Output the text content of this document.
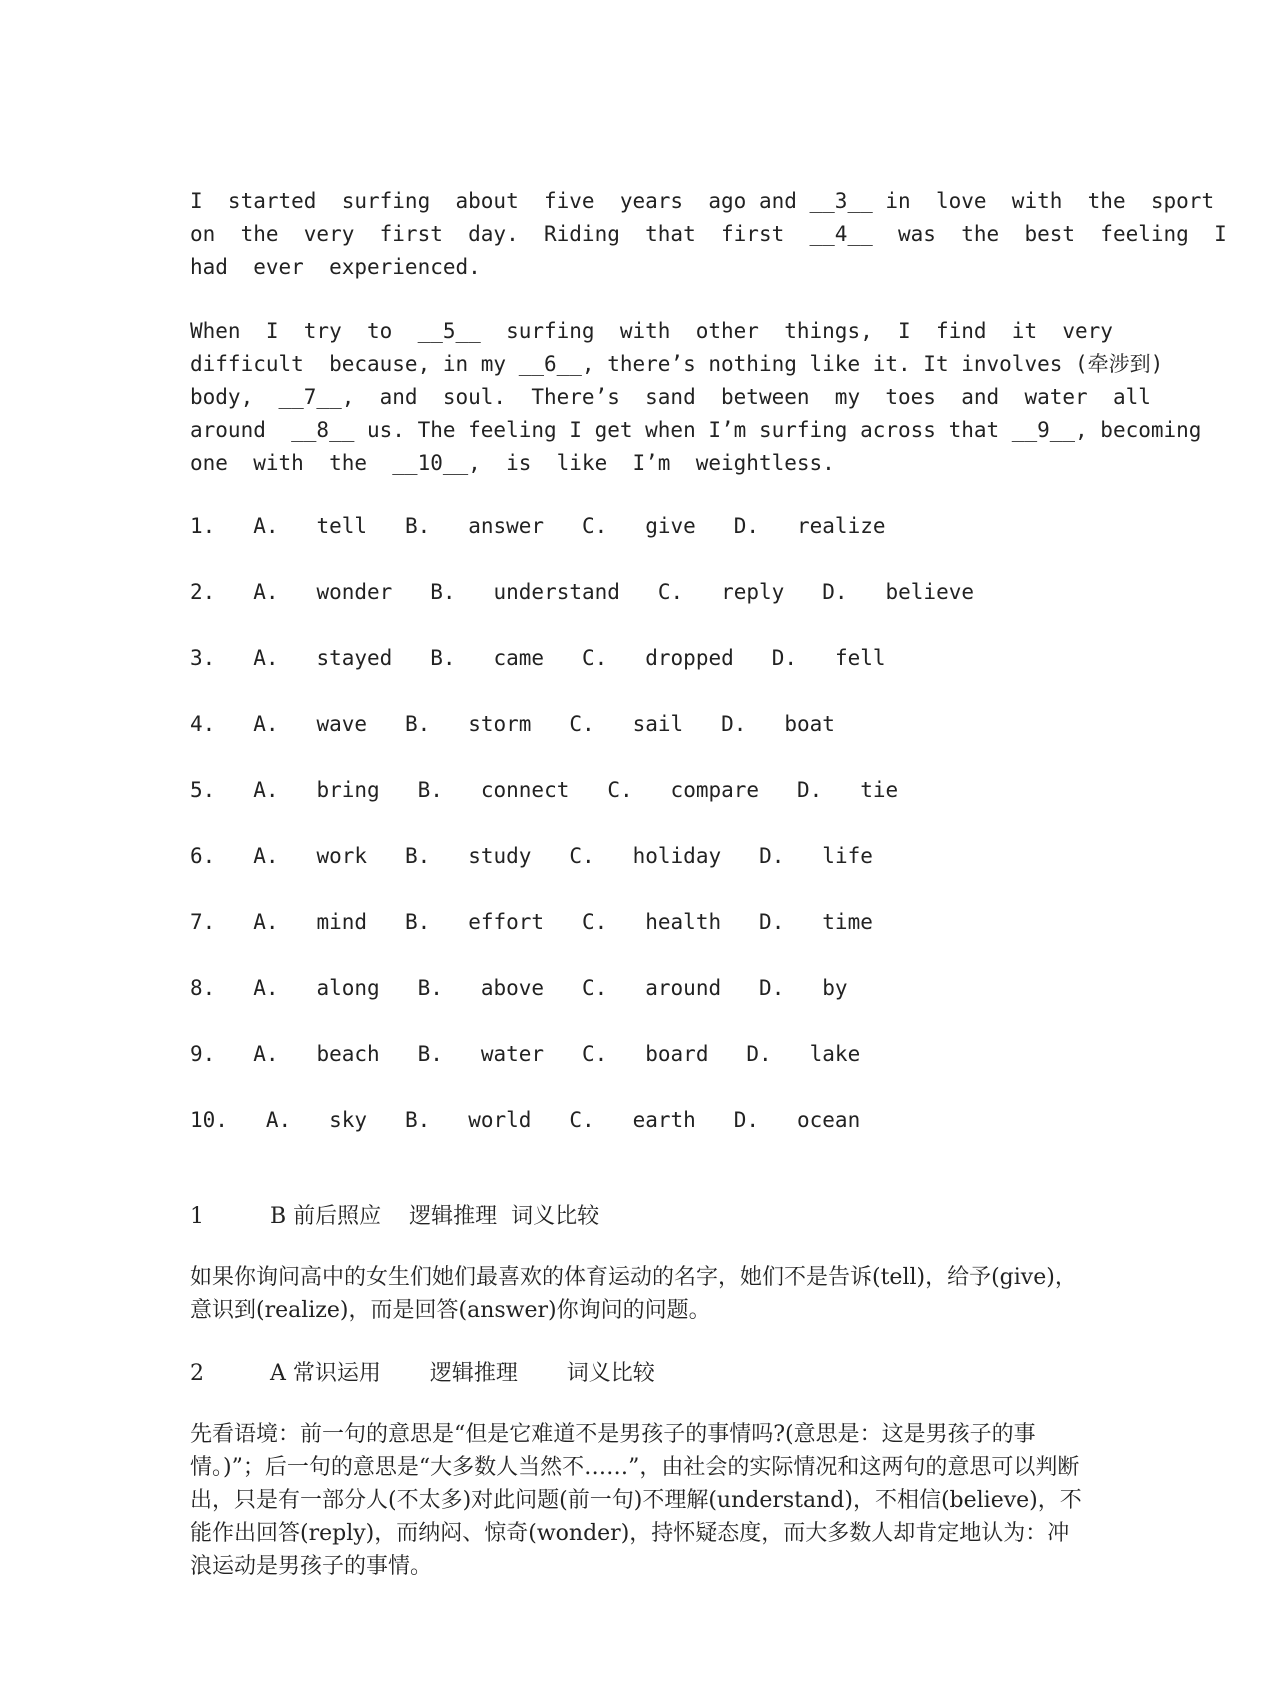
I  started  surfing  about  five  years  ago and __3__ in  love  with  the  sport  on  the  very  first  day.  Riding  that  first  __4__  was  the  best  feeling  I  had  ever  experienced.

When  I  try  to  __5__  surfing  with  other  things,  I  find  it  very  difficult  because, in my __6__, there’s nothing like it. It involves (牵涉到) body,  __7__,  and  soul.  There’s  sand  between  my  toes  and  water  all  around  __8__ us. The feeling I get when I’m surfing across that __9__, becoming  one  with  the  __10__,  is  like  I’m  weightless.

1. A. tell B. answer C. give D. realize
2. A. wonder B. understand C. reply D. believe
3. A. stayed B. came C. dropped D. fell
4. A. wave B. storm C. sail D. boat
5. A. bring B. connect C. compare D. tie
6. A. work B. study C. holiday D. life
7. A. mind B. effort C. health D. time
8. A. along B. above C. around D. by
9. A. beach B. water C. board D. lake
10. A. sky B. world C. earth D. ocean

1	B 前后照应    逻辑推理  词义比较

如果你询问高中的女生们她们最喜欢的体育运动的名字，她们不是告诉(tell)，给予(give)，意识到(realize)，而是回答(answer)你询问的问题。

2	A 常识运用       逻辑推理       词义比较

先看语境：前一句的意思是“但是它难道不是男孩子的事情吗?(意思是：这是男孩子的事情。)”；后一句的意思是“大多数人当然不……”，由社会的实际情况和这两句的意思可以判断出，只是有一部分人(不太多)对此问题(前一句)不理解(understand)，不相信(believe)，不能作出回答(reply)，而纳闷、惊奇(wonder)，持怀疑态度，而大多数人却肯定地认为：冲浪运动是男孩子的事情。
